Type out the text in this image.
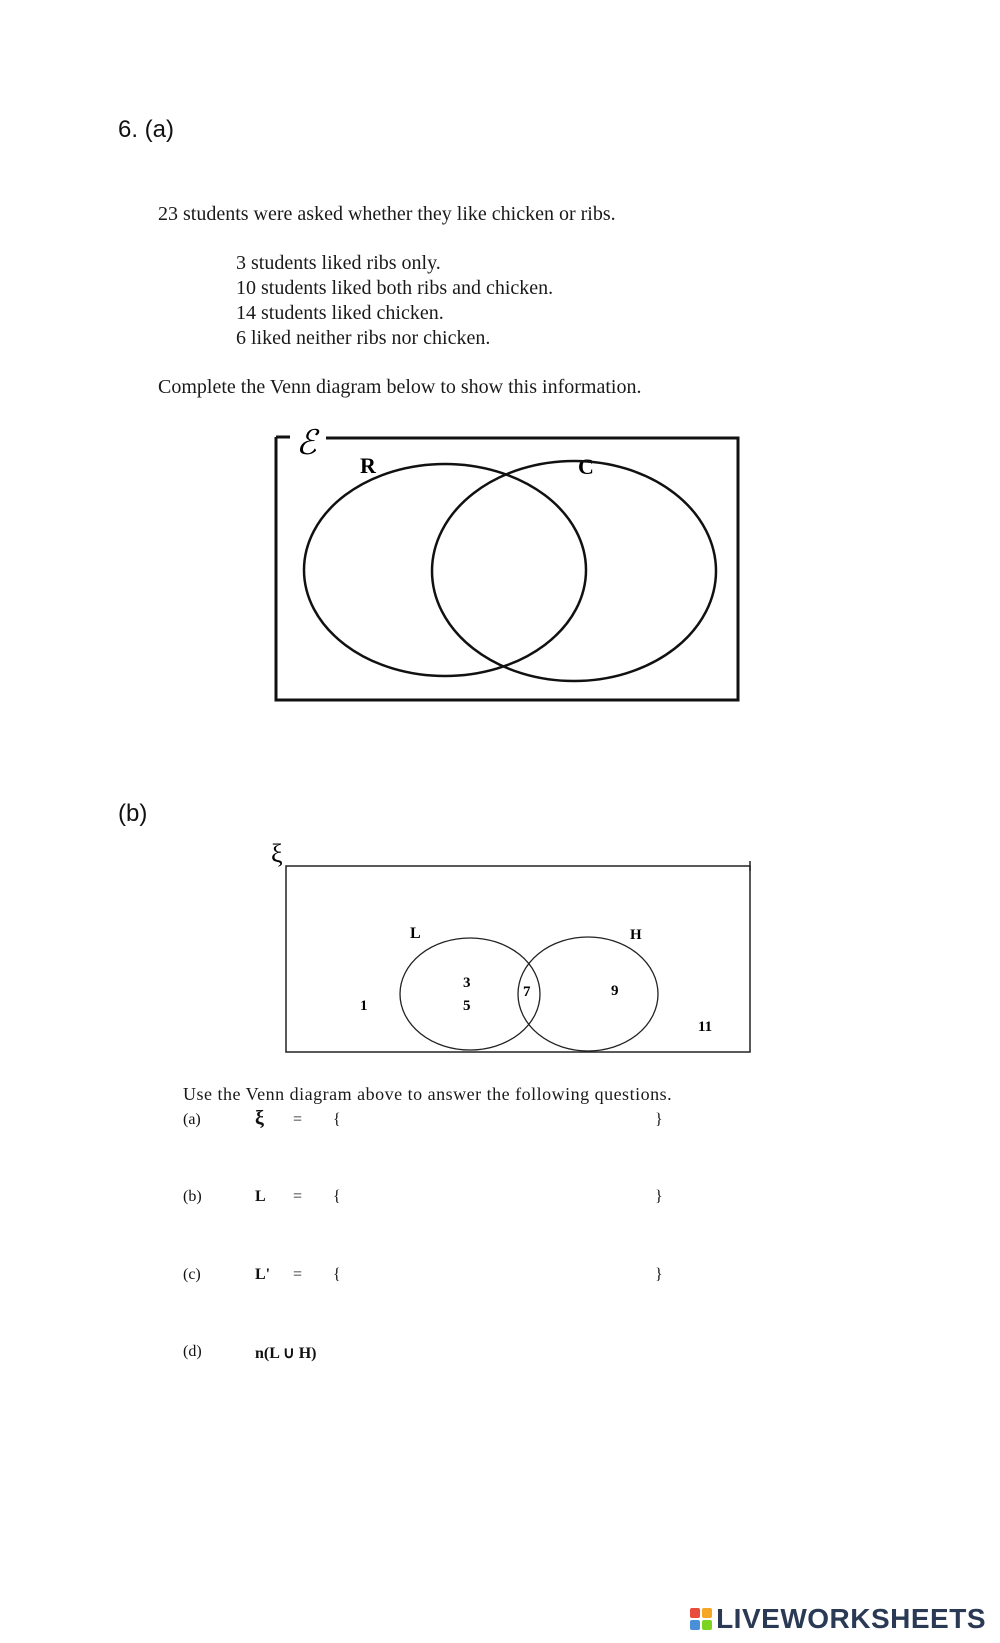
6. (a)
23 students were asked whether they like chicken or ribs.
3 students liked ribs only.
10 students liked both ribs and chicken.
14 students liked chicken.
6 liked neither ribs nor chicken.
Complete the Venn diagram below to show this information.
ℰ
R	C
ξ
L	H
1
3
5
7	9
11
(b)
Use the Venn diagram above to answer the following questions.
(a)	ξ = {	}
(b)	L = {	}
(c)	L' = {	}
(d)	n(L ∪ H)
LIVEWORKSHEETS
